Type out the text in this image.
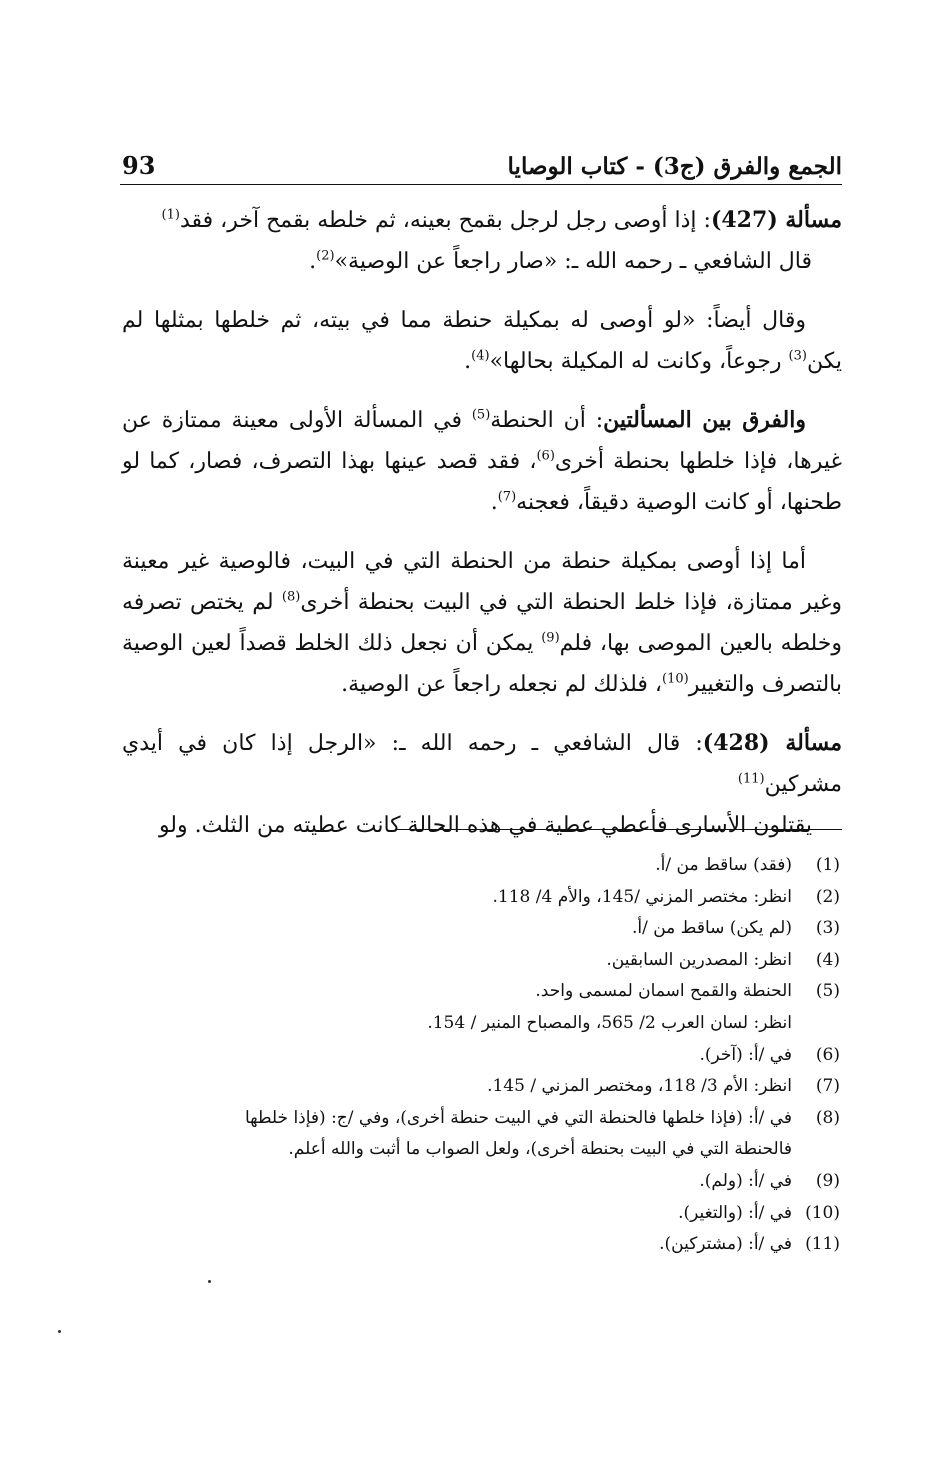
الجمع والفرق (ج3) - كتاب الوصايا
93

مسألة (427): إذا أوصى رجل لرجل بقمح بعينه، ثم خلطه بقمح آخر، فقد$^{(1)}$
قال الشافعي ـ رحمه الله ـ: «صار راجعاً عن الوصية»$^{(2)}$.

وقال أيضاً: «لو أوصى له بمكيلة حنطة مما في بيته، ثم خلطها بمثلها لم يكن$^{(3)}$ رجوعاً، وكانت له المكيلة بحالها»$^{(4)}$.

والفرق بين المسألتين: أن الحنطة$^{(5)}$ في المسألة الأولى معينة ممتازة عن غيرها، فإذا خلطها بحنطة أخرى$^{(6)}$، فقد قصد عينها بهذا التصرف، فصار، كما لو طحنها، أو كانت الوصية دقيقاً، فعجنه$^{(7)}$.

أما إذا أوصى بمكيلة حنطة من الحنطة التي في البيت، فالوصية غير معينة وغير ممتازة، فإذا خلط الحنطة التي في البيت بحنطة أخرى$^{(8)}$ لم يختص تصرفه وخلطه بالعين الموصى بها، فلم$^{(9)}$ يمكن أن نجعل ذلك الخلط قصداً لعين الوصية بالتصرف والتغيير$^{(10)}$، فلذلك لم نجعله راجعاً عن الوصية.

مسألة (428): قال الشافعي ـ رحمه الله ـ: «الرجل إذا كان في أيدي مشركين$^{(11)}$
يقتلون الأسارى فأعطي عطية في هذه الحالة كانت عطيته من الثلث. ولو

(1)
(فقد) ساقط من /أ.
(2)
انظر: مختصر المزني /145، والأم 4/ 118.
(3)
(لم يكن) ساقط من /أ.
(4)
انظر: المصدرين السابقين.
(5)
الحنطة والقمح اسمان لمسمى واحد.
انظر: لسان العرب 2/ 565، والمصباح المنير / 154.
(6)
في /أ: (آخر).
(7)
انظر: الأم 3/ 118، ومختصر المزني / 145.
(8)
في /أ: (فإذا خلطها فالحنطة التي في البيت حنطة أخرى)، وفي /ج: (فإذا خلطها
فالحنطة التي في البيت بحنطة أخرى)، ولعل الصواب ما أثبت والله أعلم.
(9)
في /أ: (ولم).
(10)
في /أ: (والتغير).
(11)
في /أ: (مشتركين).
